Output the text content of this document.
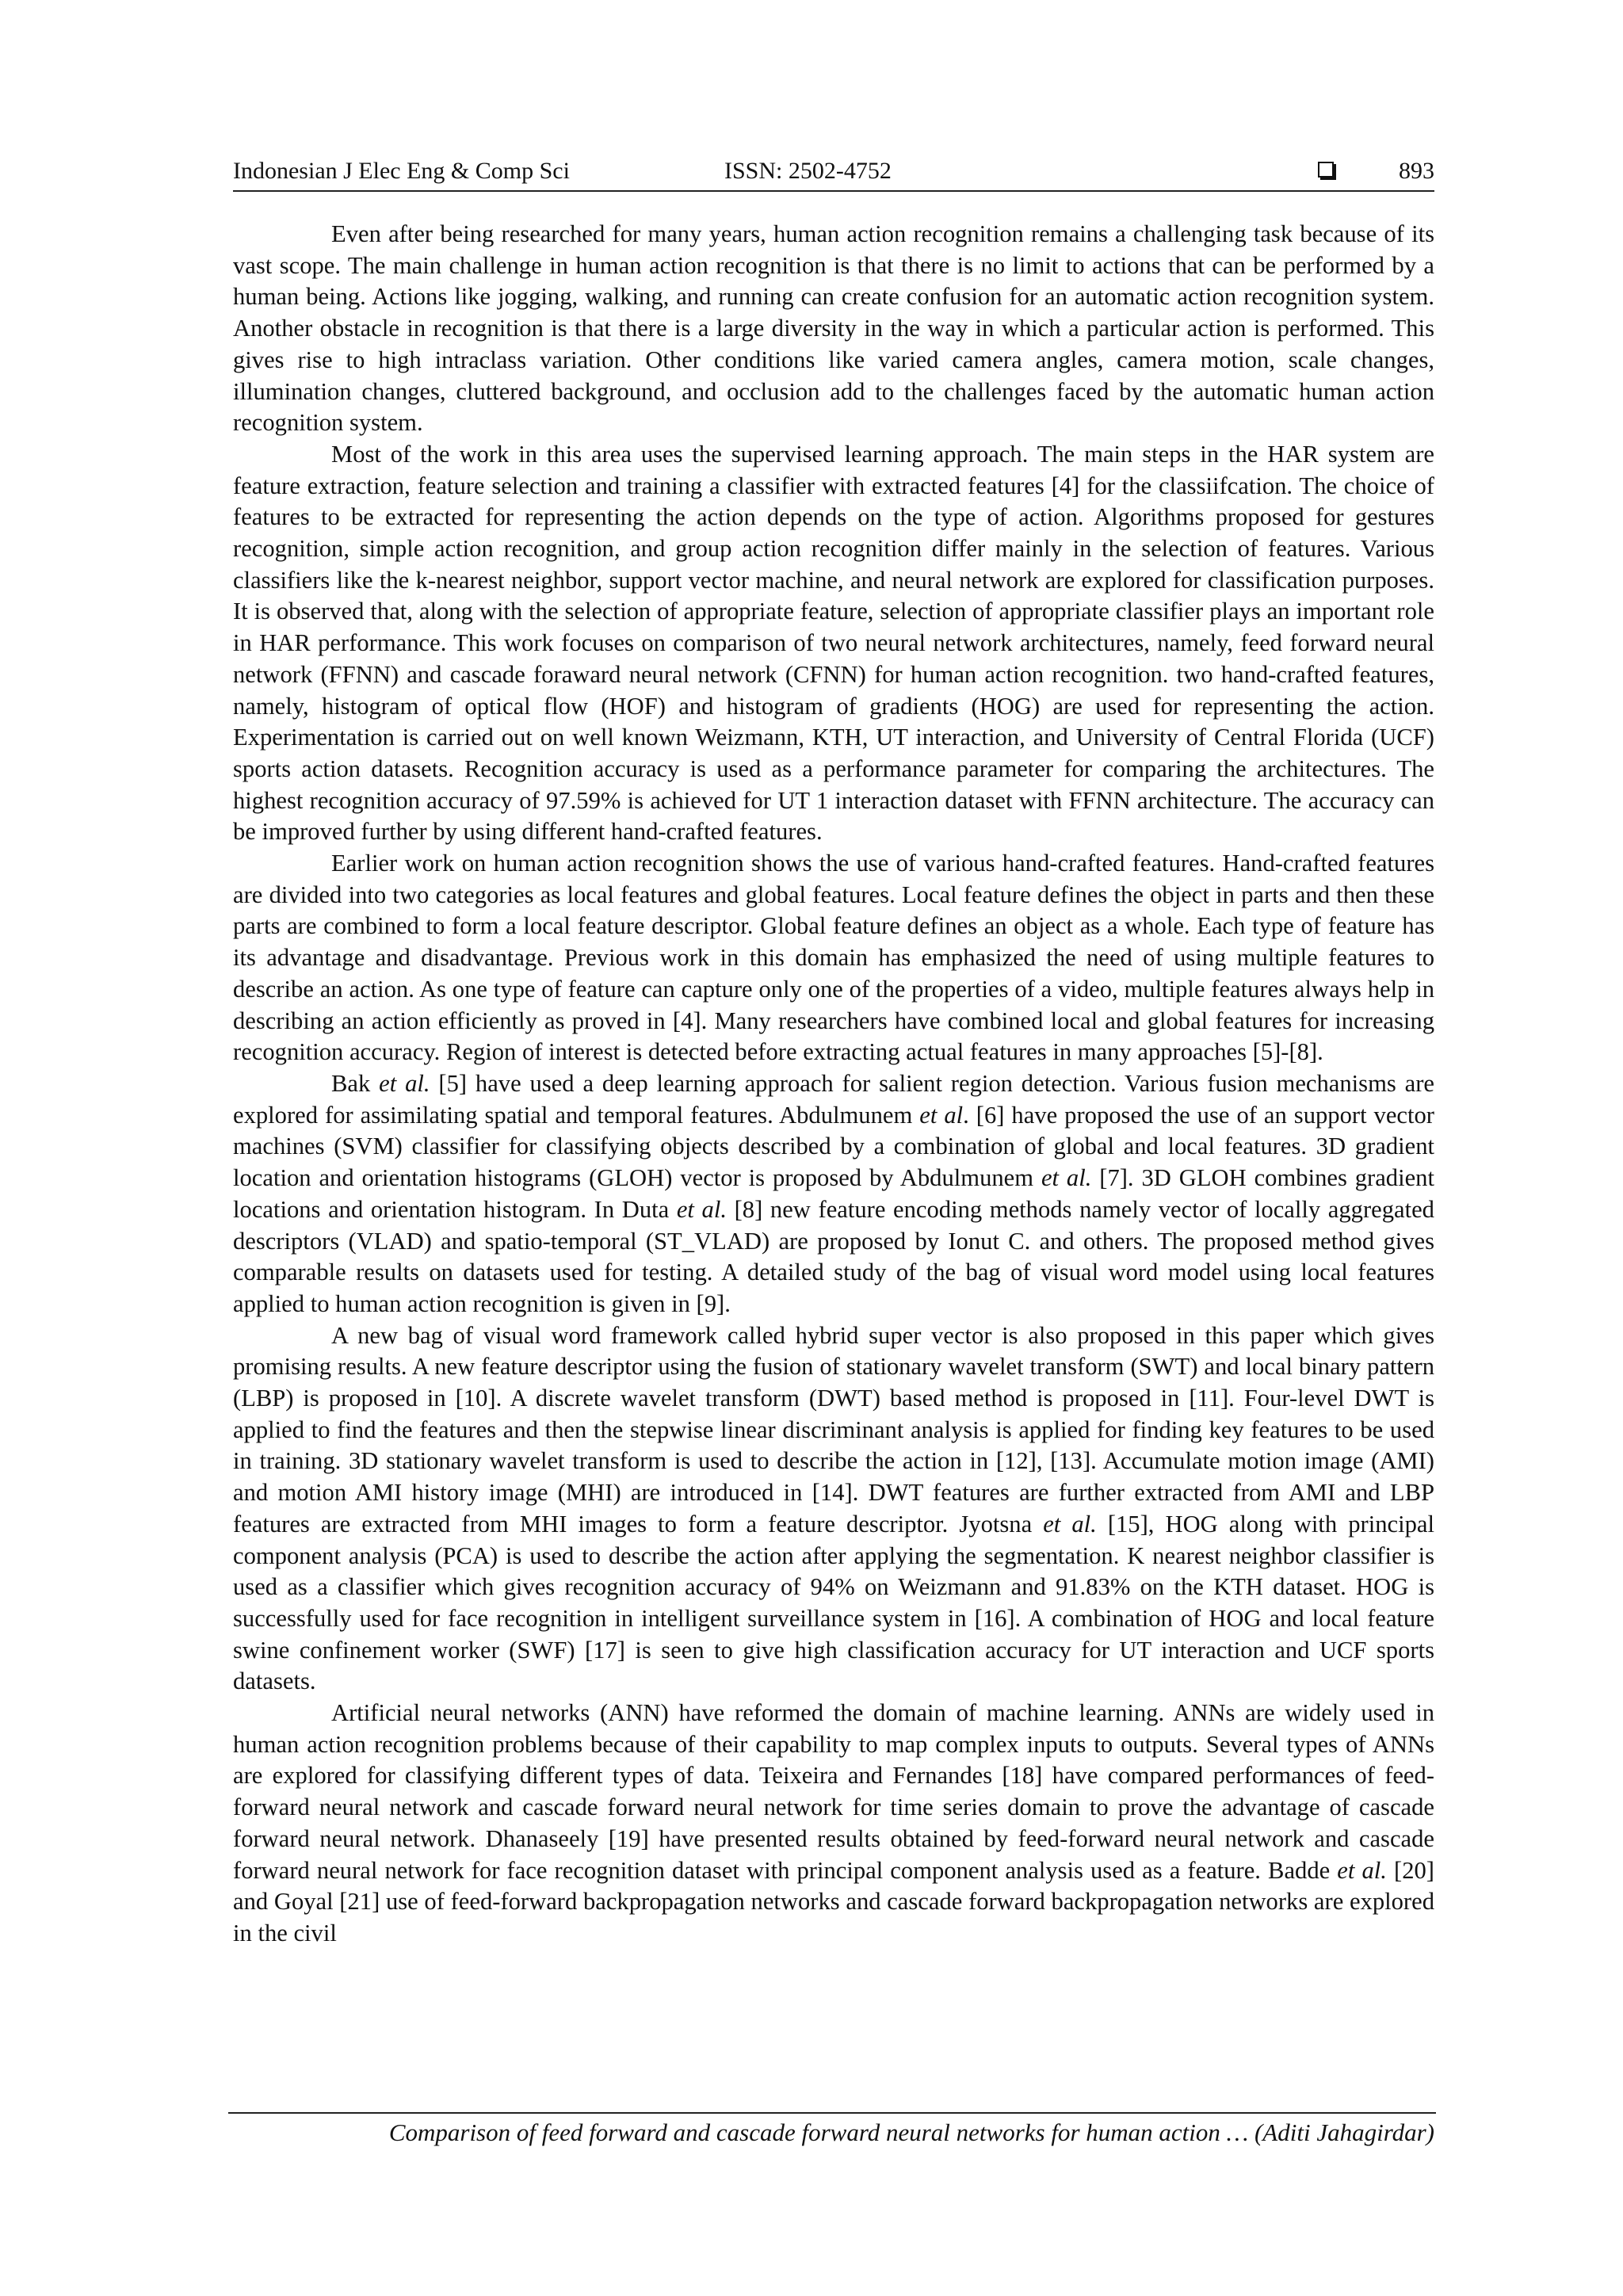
Indonesian J Elec Eng & Comp Sci	ISSN: 2502-4752	893

Even after being researched for many years, human action recognition remains a challenging task because of its vast scope. The main challenge in human action recognition is that there is no limit to actions that can be performed by a human being. Actions like jogging, walking, and running can create confusion for an automatic action recognition system. Another obstacle in recognition is that there is a large diversity in the way in which a particular action is performed. This gives rise to high intraclass variation. Other conditions like varied camera angles, camera motion, scale changes, illumination changes, cluttered background, and occlusion add to the challenges faced by the automatic human action recognition system.

Most of the work in this area uses the supervised learning approach. The main steps in the HAR system are feature extraction, feature selection and training a classifier with extracted features [4] for the classiifcation. The choice of features to be extracted for representing the action depends on the type of action. Algorithms proposed for gestures recognition, simple action recognition, and group action recognition differ mainly in the selection of features. Various classifiers like the k-nearest neighbor, support vector machine, and neural network are explored for classification purposes. It is observed that, along with the selection of appropriate feature, selection of appropriate classifier plays an important role in HAR performance. This work focuses on comparison of two neural network architectures, namely, feed forward neural network (FFNN) and cascade foraward neural network (CFNN) for human action recognition. two hand-crafted features, namely, histogram of optical flow (HOF) and histogram of gradients (HOG) are used for representing the action. Experimentation is carried out on well known Weizmann, KTH, UT interaction, and University of Central Florida (UCF) sports action datasets. Recognition accuracy is used as a performance parameter for comparing the architectures. The highest recognition accuracy of 97.59% is achieved for UT 1 interaction dataset with FFNN architecture. The accuracy can be improved further by using different hand-crafted features.

Earlier work on human action recognition shows the use of various hand-crafted features. Hand-crafted features are divided into two categories as local features and global features. Local feature defines the object in parts and then these parts are combined to form a local feature descriptor. Global feature defines an object as a whole. Each type of feature has its advantage and disadvantage. Previous work in this domain has emphasized the need of using multiple features to describe an action. As one type of feature can capture only one of the properties of a video, multiple features always help in describing an action efficiently as proved in [4]. Many researchers have combined local and global features for increasing recognition accuracy. Region of interest is detected before extracting actual features in many approaches [5]-[8].

Bak et al. [5] have used a deep learning approach for salient region detection. Various fusion mechanisms are explored for assimilating spatial and temporal features. Abdulmunem et al. [6] have proposed the use of an support vector machines (SVM) classifier for classifying objects described by a combination of global and local features. 3D gradient location and orientation histograms (GLOH) vector is proposed by Abdulmunem et al. [7]. 3D GLOH combines gradient locations and orientation histogram. In Duta et al. [8] new feature encoding methods namely vector of locally aggregated descriptors (VLAD) and spatio-temporal (ST_VLAD) are proposed by Ionut C. and others. The proposed method gives comparable results on datasets used for testing. A detailed study of the bag of visual word model using local features applied to human action recognition is given in [9].

A new bag of visual word framework called hybrid super vector is also proposed in this paper which gives promising results. A new feature descriptor using the fusion of stationary wavelet transform (SWT) and local binary pattern (LBP) is proposed in [10]. A discrete wavelet transform (DWT) based method is proposed in [11]. Four-level DWT is applied to find the features and then the stepwise linear discriminant analysis is applied for finding key features to be used in training. 3D stationary wavelet transform is used to describe the action in [12], [13]. Accumulate motion image (AMI) and motion AMI history image (MHI) are introduced in [14]. DWT features are further extracted from AMI and LBP features are extracted from MHI images to form a feature descriptor. Jyotsna et al. [15], HOG along with principal component analysis (PCA) is used to describe the action after applying the segmentation. K nearest neighbor classifier is used as a classifier which gives recognition accuracy of 94% on Weizmann and 91.83% on the KTH dataset. HOG is successfully used for face recognition in intelligent surveillance system in [16]. A combination of HOG and local feature swine confinement worker (SWF) [17] is seen to give high classification accuracy for UT interaction and UCF sports datasets.

Artificial neural networks (ANN) have reformed the domain of machine learning. ANNs are widely used in human action recognition problems because of their capability to map complex inputs to outputs. Several types of ANNs are explored for classifying different types of data. Teixeira and Fernandes [18] have compared performances of feed-forward neural network and cascade forward neural network for time series domain to prove the advantage of cascade forward neural network. Dhanaseely [19] have presented results obtained by feed-forward neural network and cascade forward neural network for face recognition dataset with principal component analysis used as a feature. Badde et al. [20] and Goyal [21] use of feed-forward backpropagation networks and cascade forward backpropagation networks are explored in the civil

Comparison of feed forward and cascade forward neural networks for human action … (Aditi Jahagirdar)
